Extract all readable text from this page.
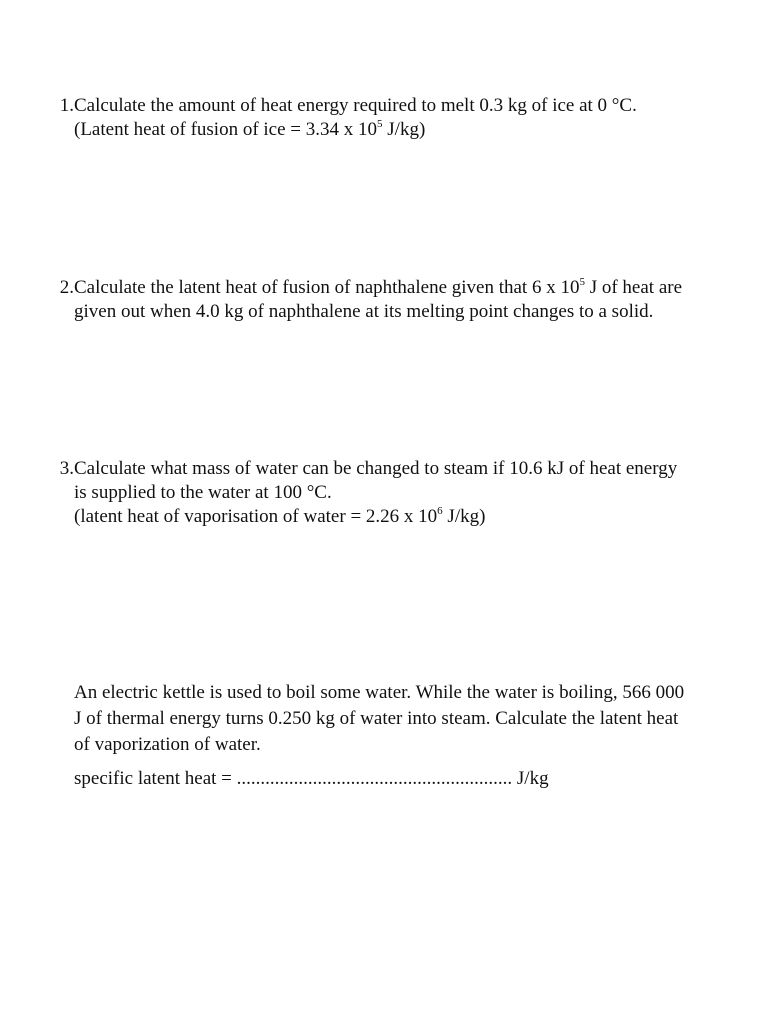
1. Calculate the amount of heat energy required to melt 0.3 kg of ice at 0 °C.
(Latent heat of fusion of ice = 3.34 x $10^5$ J/kg)
2. Calculate the latent heat of fusion of naphthalene given that 6 x $10^5$ J of heat are
given out when 4.0 kg of naphthalene at its melting point changes to a solid.
3. Calculate what mass of water can be changed to steam if 10.6 kJ of heat energy
is supplied to the water at 100 °C.
(latent heat of vaporisation of water = 2.26 x $10^6$ J/kg)
An electric kettle is used to boil some water. While the water is boiling, 566 000
J of thermal energy turns 0.250 kg of water into steam. Calculate the latent heat
of vaporization of water.
specific latent heat = .......................................................... J/kg
